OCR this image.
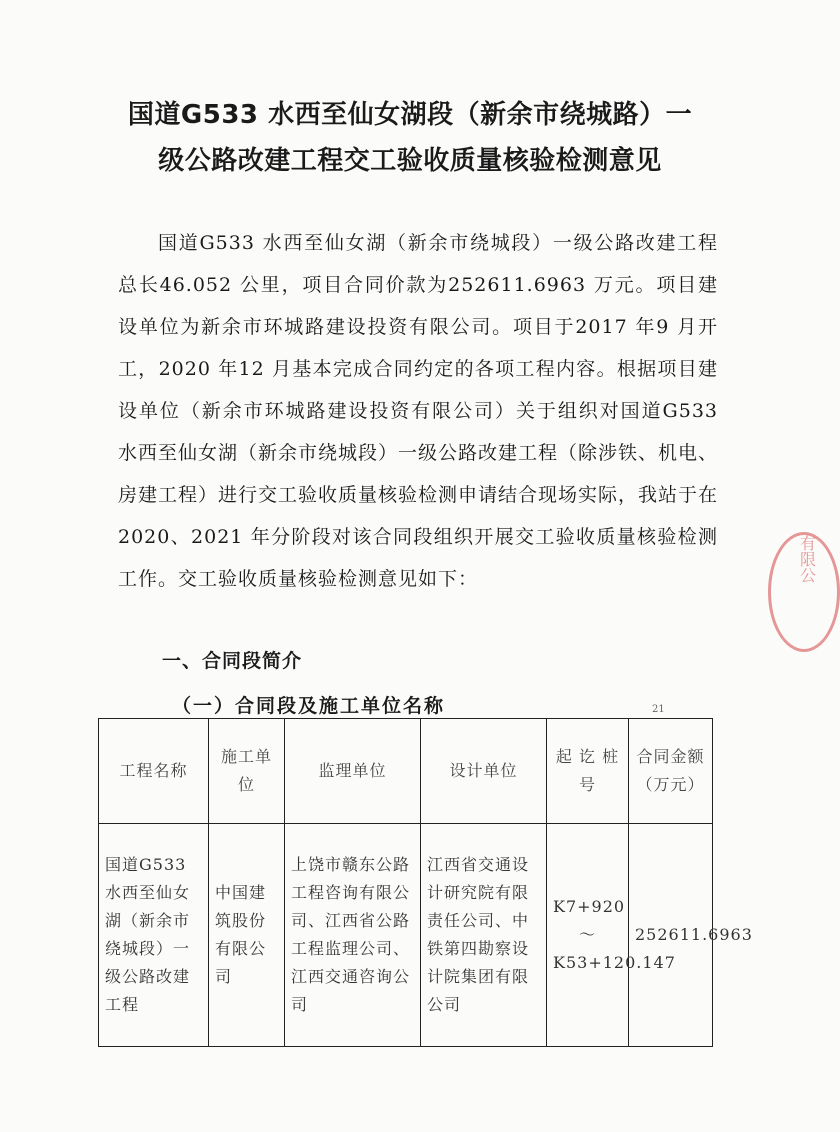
国道G533 水西至仙女湖段（新余市绕城路）一
级公路改建工程交工验收质量核验检测意见

国道G533 水西至仙女湖（新余市绕城段）一级公路改建工程总长46.052 公里，项目合同价款为252611.6963 万元。项目建设单位为新余市环城路建设投资有限公司。项目于2017 年9 月开工，2020 年12 月基本完成合同约定的各项工程内容。根据项目建设单位（新余市环城路建设投资有限公司）关于组织对国道G533 水西至仙女湖（新余市绕城段）一级公路改建工程（除涉铁、机电、房建工程）进行交工验收质量核验检测申请结合现场实际，我站于在2020、2021 年分阶段对该合同段组织开展交工验收质量核验检测工作。交工验收质量核验检测意见如下：

一、合同段简介
（一）合同段及施工单位名称	21
工程名称	施工单位	监理单位	设计单位	起 讫 桩 号	合同金额（万元）
国道G533 水西至仙女湖（新余市绕城段）一级公路改建工程	中国建筑股份有限公司	上饶市赣东公路工程咨询有限公司、江西省公路工程监理公司、江西交通咨询公司	江西省交通设计研究院有限责任公司、中铁第四勘察设计院集团有限公司	K7+920～K53+120.147	252611.6963
有限公
